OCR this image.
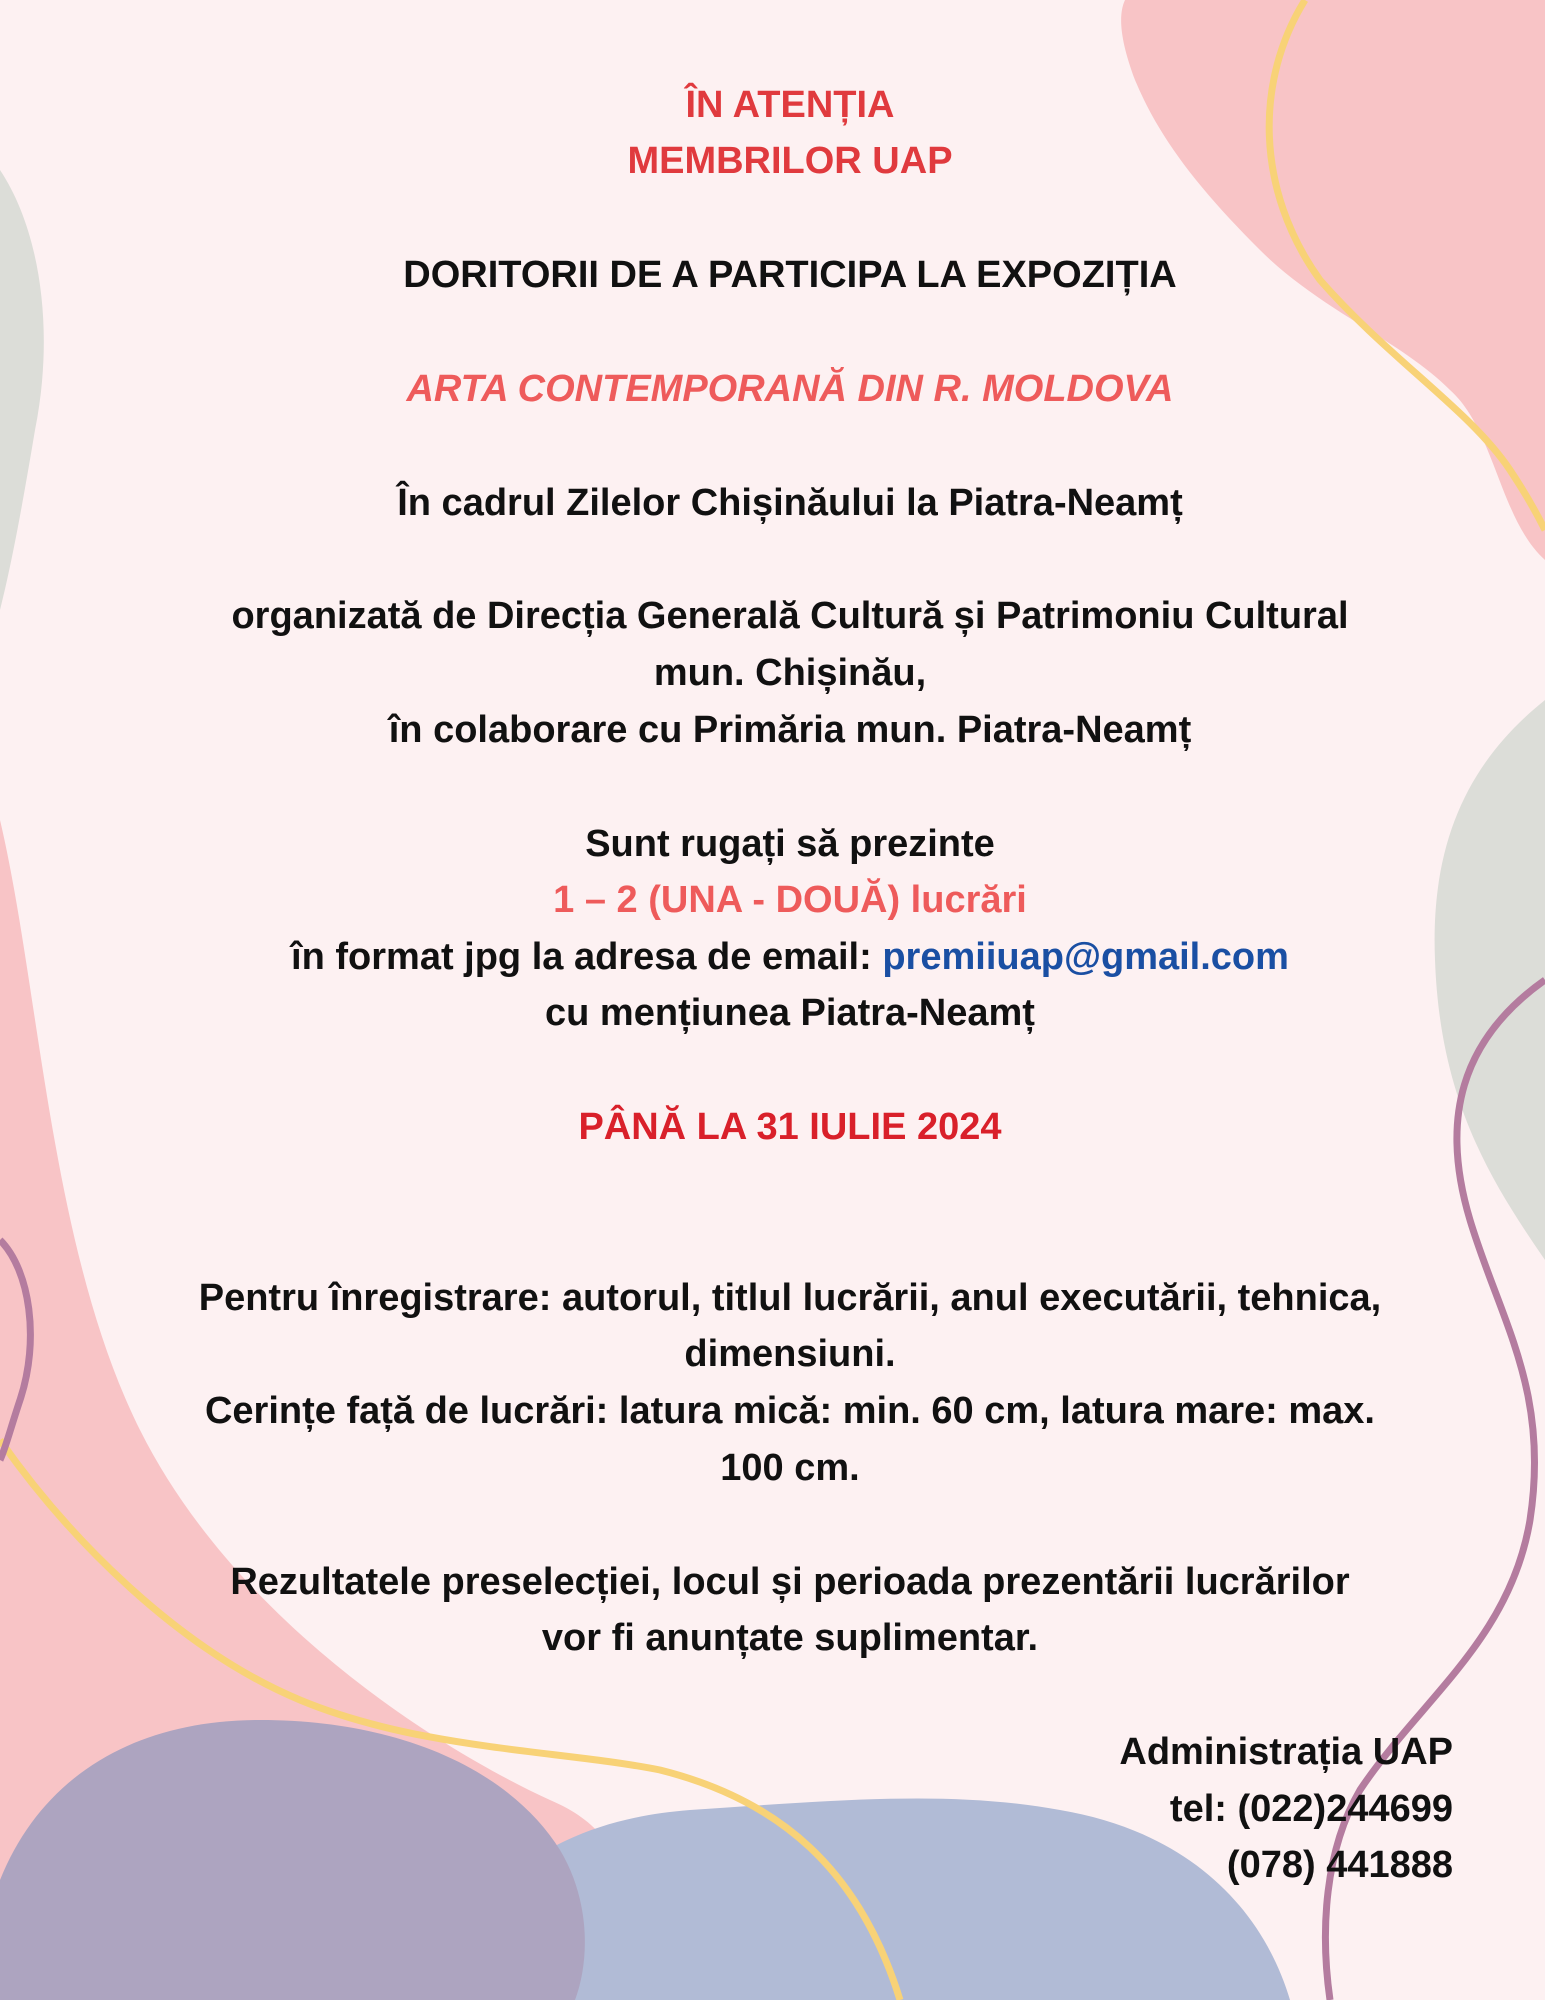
ÎN ATENȚIA
MEMBRILOR UAP
DORITORII DE A PARTICIPA LA EXPOZIȚIA
ARTA CONTEMPORANĂ DIN R. MOLDOVA
În cadrul Zilelor Chișinăului la Piatra-Neamț
organizată de Direcția Generală Cultură și Patrimoniu Cultural
mun. Chișinău,
în colaborare cu Primăria mun. Piatra-Neamț
Sunt rugați să prezinte
1 – 2 (UNA - DOUĂ) lucrări
în format jpg la adresa de email: premiiuap@gmail.com
cu mențiunea Piatra-Neamț
PÂNĂ LA 31 IULIE 2024
Pentru înregistrare: autorul, titlul lucrării, anul executării, tehnica,
dimensiuni.
Cerințe față de lucrări: latura mică: min. 60 cm, latura mare: max.
100 cm.
Rezultatele preselecției, locul și perioada prezentării lucrărilor
vor fi anunțate suplimentar.
Administrația UAP
tel: (022)244699
(078) 441888
